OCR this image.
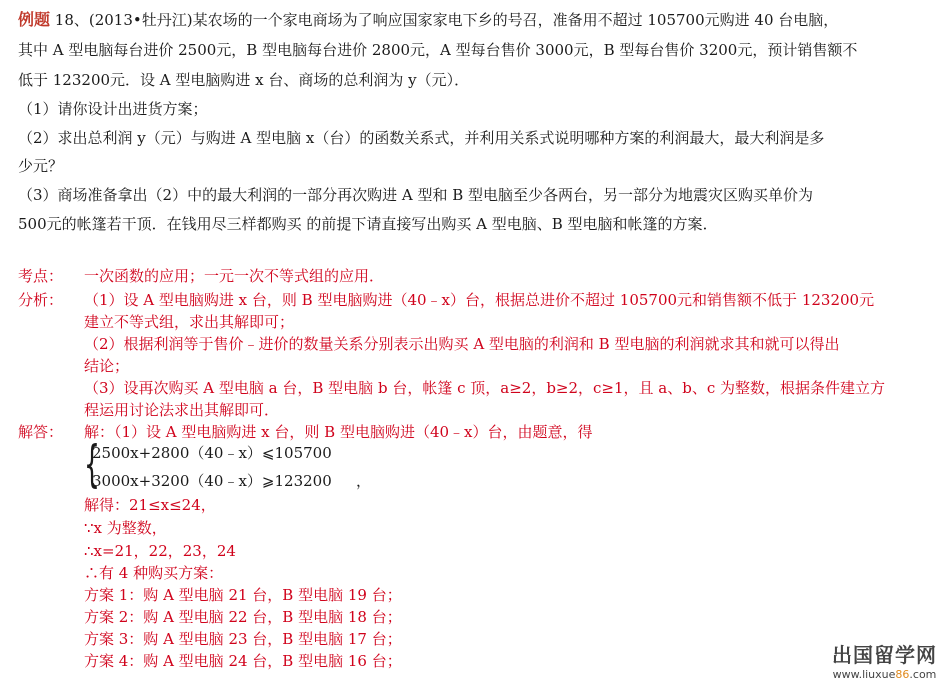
例题 18、(2013•牡丹江)某农场的一个家电商场为了响应国家家电下乡的号召，准备用不超过 105700元购进 40 台电脑，
其中 A 型电脑每台进价 2500元，B 型电脑每台进价 2800元，A 型每台售价 3000元，B 型每台售价 3200元，预计销售额不
低于 123200元．设 A 型电脑购进 x 台、商场的总利润为 y（元）．
（1）请你设计出进货方案；
（2）求出总利润 y（元）与购进 A 型电脑 x（台）的函数关系式，并利用关系式说明哪种方案的利润最大，最大利润是多
少元？
（3）商场准备拿出（2）中的最大利润的一部分再次购进 A 型和 B 型电脑至少各两台，另一部分为地震灾区购买单价为
500元的帐篷若干顶．在钱用尽三样都购买 的前提下请直接写出购买 A 型电脑、B 型电脑和帐篷的方案．
考点： 一次函数的应用；一元一次不等式组的应用．
分析： （1）设 A 型电脑购进 x 台，则 B 型电脑购进（40﹣x）台，根据总进价不超过 105700元和销售额不低于 123200元
建立不等式组，求出其解即可；
（2）根据利润等于售价﹣进价的数量关系分别表示出购买 A 型电脑的利润和 B 型电脑的利润就求其和就可以得出
结论；
（3）设再次购买 A 型电脑 a 台，B 型电脑 b 台，帐篷 c 顶，a≥2，b≥2，c≥1，且 a、b、c 为整数，根据条件建立方
程运用讨论法求出其解即可．
解答： 解：（1）设 A 型电脑购进 x 台，则 B 型电脑购进（40﹣x）台，由题意，得
{
2500x+2800（40﹣x）⩽105700
3000x+3200（40﹣x）⩾123200 ，
解得：21≤x≤24，
∵x 为整数，
∴x=21，22，23，24
∴有 4 种购买方案：
方案 1：购 A 型电脑 21 台，B 型电脑 19 台；
方案 2：购 A 型电脑 22 台，B 型电脑 18 台；
方案 3：购 A 型电脑 23 台，B 型电脑 17 台；
方案 4：购 A 型电脑 24 台，B 型电脑 16 台；	出国留学网
www.liuxue86.com
